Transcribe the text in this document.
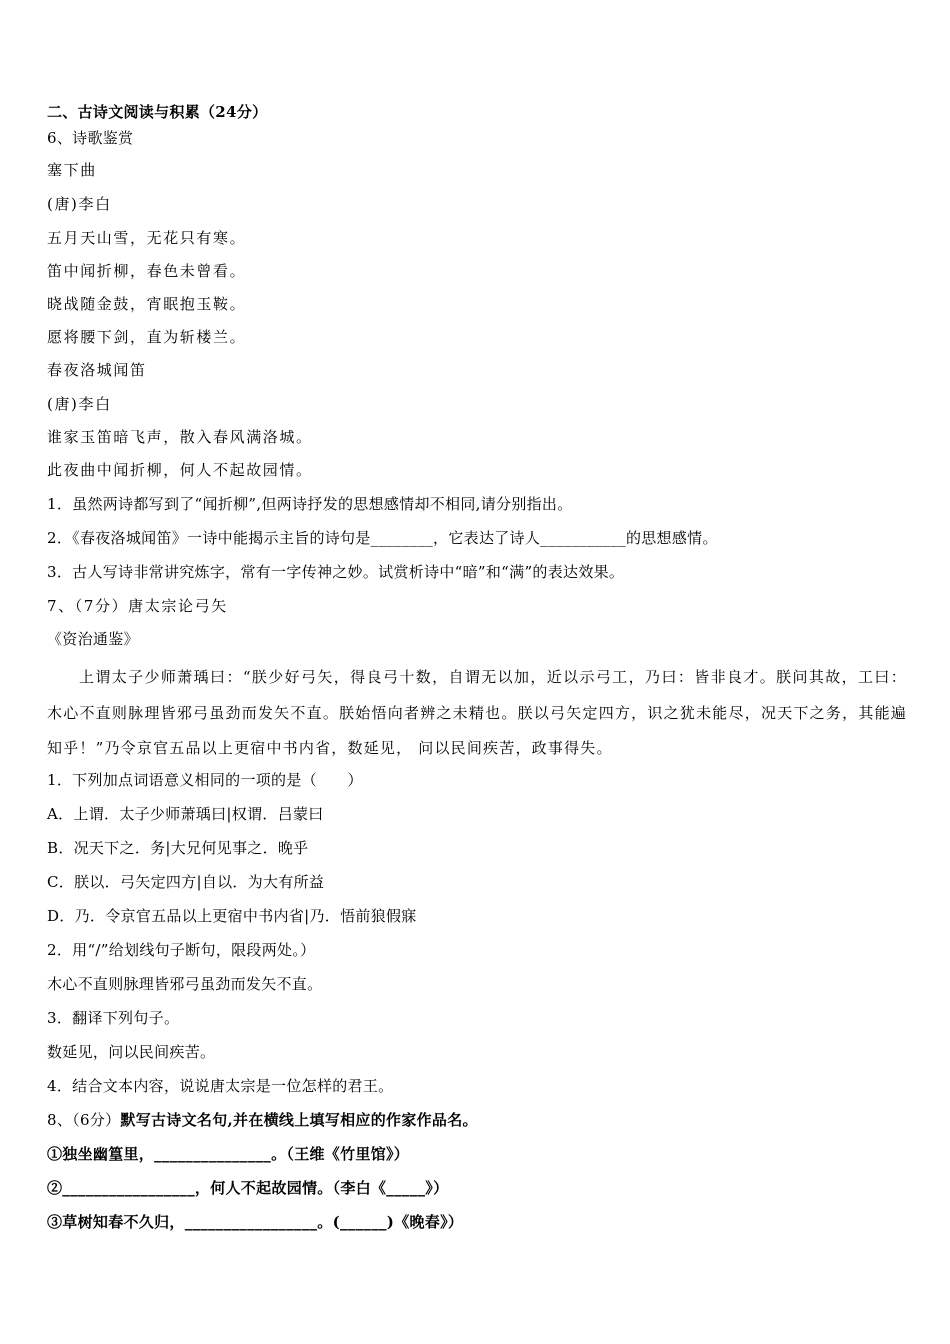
二、古诗文阅读与积累（24分）
6、诗歌鉴赏
塞下曲
(唐)李白
五月天山雪，无花只有寒。
笛中闻折柳，春色未曾看。
晓战随金鼓，宵眠抱玉鞍。
愿将腰下剑，直为斩楼兰。
春夜洛城闻笛
(唐)李白
谁家玉笛暗飞声，散入春风满洛城。
此夜曲中闻折柳，何人不起故园情。
1．虽然两诗都写到了“闻折柳”,但两诗抒发的思想感情却不相同,请分别指出。
2．《春夜洛城闻笛》一诗中能揭示主旨的诗句是________，它表达了诗人___________的思想感情。
3．古人写诗非常讲究炼字，常有一字传神之妙。试赏析诗中“暗”和“满”的表达效果。
7、（7分）唐太宗论弓矢
《资治通鉴》
上谓太子少师萧瑀曰：“朕少好弓矢，得良弓十数，自谓无以加，近以示弓工，乃曰：皆非良才。朕问其故，工曰：木心不直则脉理皆邪弓虽劲而发矢不直。朕始悟向者辨之未精也。朕以弓矢定四方，识之犹未能尽，况天下之务，其能遍知乎！”乃令京官五品以上更宿中书内省，数延见， 问以民间疾苦，政事得失。
1．下列加点词语意义相同的一项的是（　　）
A．上谓．太子少师萧瑀曰|权谓．吕蒙曰
B．况天下之．务|大兄何见事之．晚乎
C．朕以．弓矢定四方|自以．为大有所益
D．乃．令京官五品以上更宿中书内省|乃．悟前狼假寐
2．用“/”给划线句子断句，限段两处。）
木心不直则脉理皆邪弓虽劲而发矢不直。
3．翻译下列句子。
数延见，问以民间疾苦。
4．结合文本内容，说说唐太宗是一位怎样的君王。
8、（6分）默写古诗文名句,并在横线上填写相应的作家作品名。
①独坐幽篁里，_______________。（王维《竹里馆》）
②_________________，何人不起故园情。（李白《_____》）
③草树知春不久归，_________________。(______)《晚春》）
